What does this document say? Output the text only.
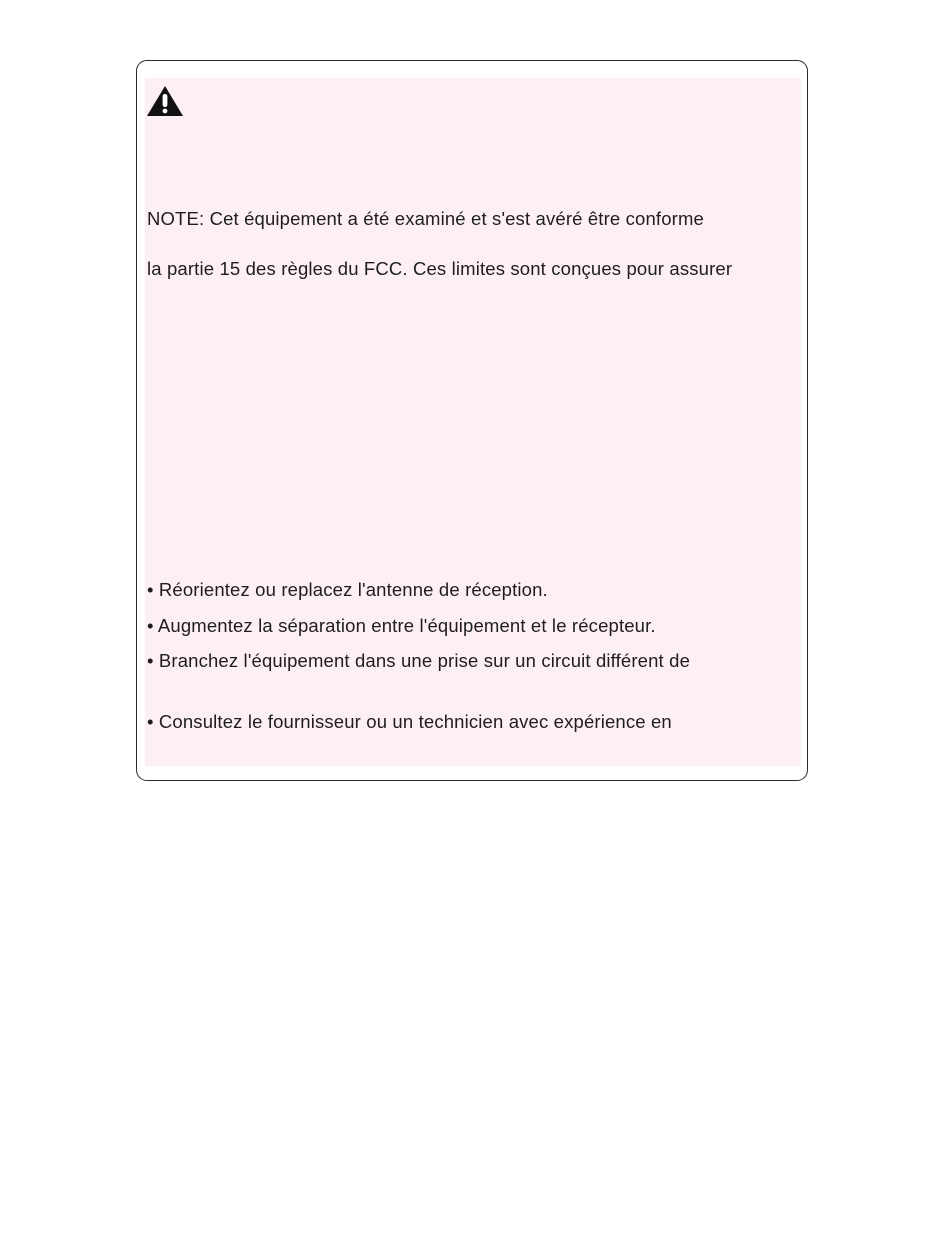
NOTE: Cet équipement a été examiné et s'est avéré être conforme

la partie 15 des règles du FCC. Ces limites sont conçues pour assurer

• Réorientez ou replacez l'antenne de réception.

• Augmentez la séparation entre l'équipement et le récepteur.

• Branchez l'équipement dans une prise sur un circuit différent de

• Consultez le fournisseur ou un technicien avec expérience en
